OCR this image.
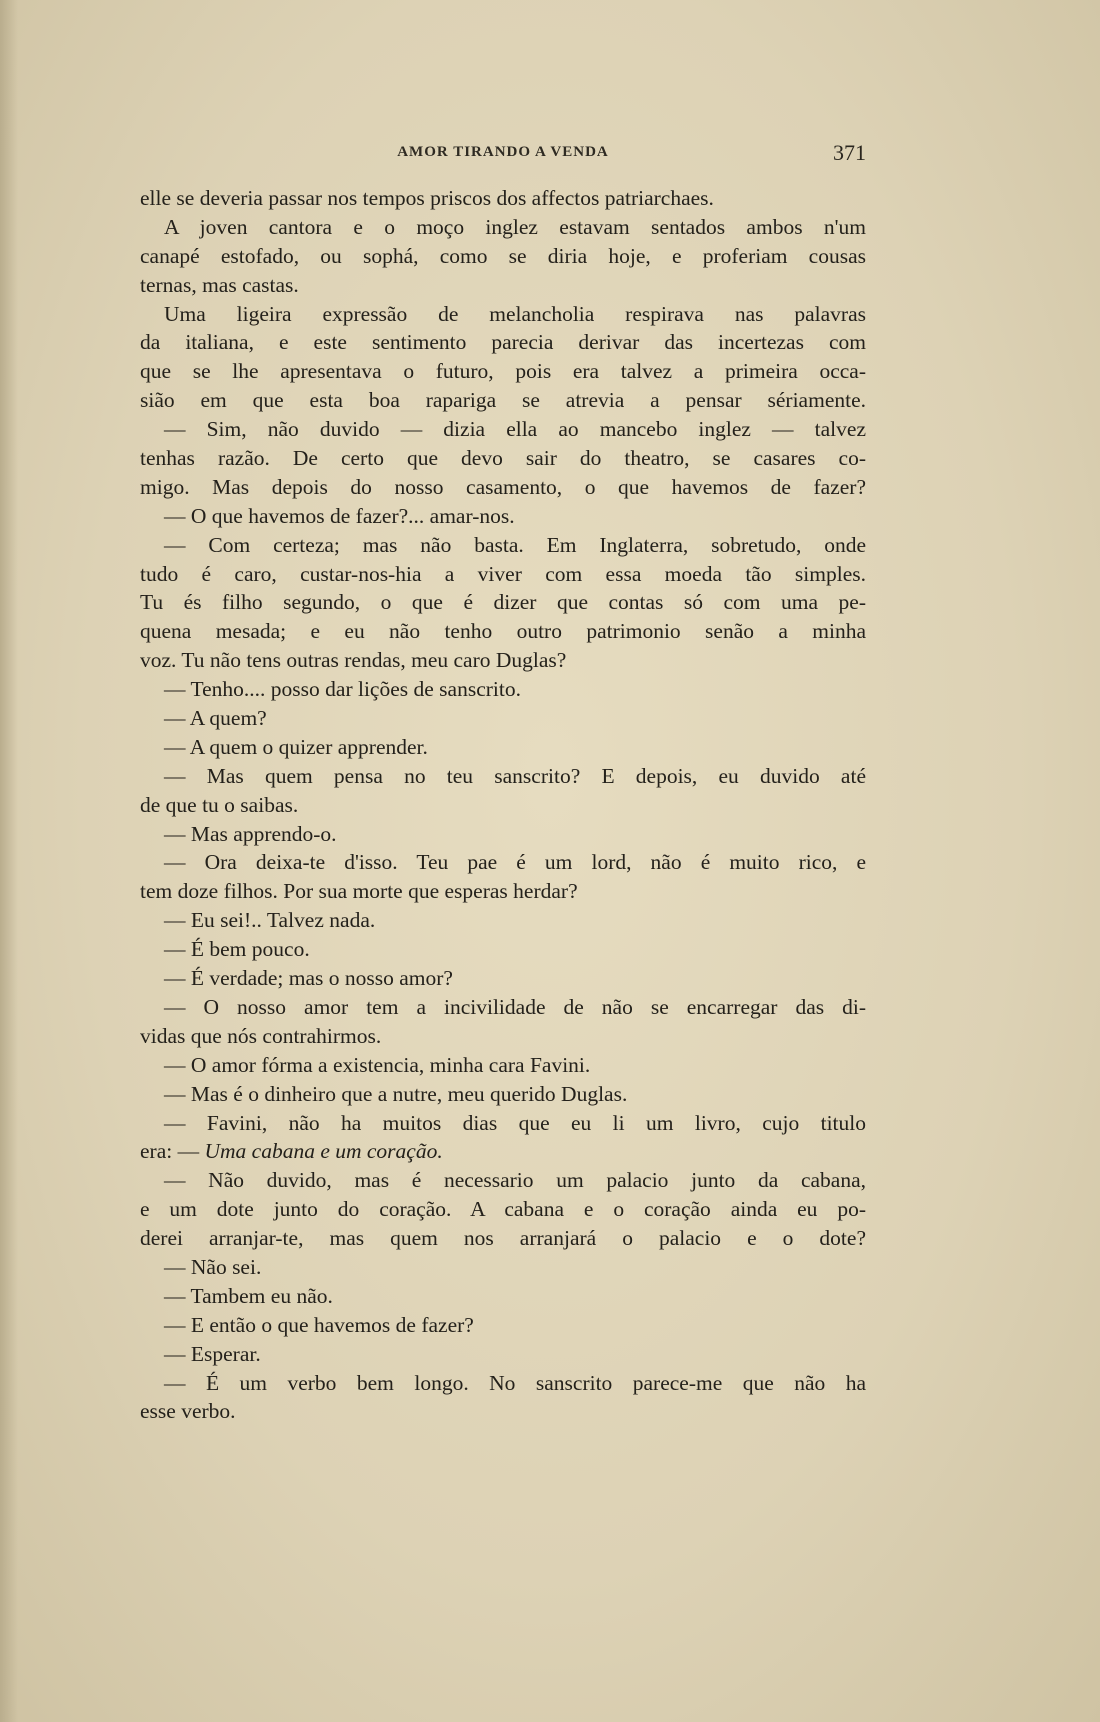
AMOR TIRANDO A VENDA	371
elle se deveria passar nos tempos priscos dos affectos patriarchaes.
A joven cantora e o moço inglez estavam sentados ambos n'um
canapé estofado, ou sophá, como se diria hoje, e proferiam cousas
ternas, mas castas.
Uma ligeira expressão de melancholia respirava nas palavras
da italiana, e este sentimento parecia derivar das incertezas com
que se lhe apresentava o futuro, pois era talvez a primeira occa-
sião em que esta boa rapariga se atrevia a pensar sériamente.
— Sim, não duvido — dizia ella ao mancebo inglez — talvez
tenhas razão. De certo que devo sair do theatro, se casares co-
migo. Mas depois do nosso casamento, o que havemos de fazer?
— O que havemos de fazer?... amar-nos.
— Com certeza; mas não basta. Em Inglaterra, sobretudo, onde
tudo é caro, custar-nos-hia a viver com essa moeda tão simples.
Tu és filho segundo, o que é dizer que contas só com uma pe-
quena mesada; e eu não tenho outro patrimonio senão a minha
voz. Tu não tens outras rendas, meu caro Duglas?
— Tenho.... posso dar lições de sanscrito.
— A quem?
— A quem o quizer apprender.
— Mas quem pensa no teu sanscrito? E depois, eu duvido até
de que tu o saibas.
— Mas apprendo-o.
— Ora deixa-te d'isso. Teu pae é um lord, não é muito rico, e
tem doze filhos. Por sua morte que esperas herdar?
— Eu sei!.. Talvez nada.
— É bem pouco.
— É verdade; mas o nosso amor?
— O nosso amor tem a incivilidade de não se encarregar das di-
vidas que nós contrahirmos.
— O amor fórma a existencia, minha cara Favini.
— Mas é o dinheiro que a nutre, meu querido Duglas.
— Favini, não ha muitos dias que eu li um livro, cujo titulo
era: — Uma cabana e um coração.
— Não duvido, mas é necessario um palacio junto da cabana,
e um dote junto do coração. A cabana e o coração ainda eu po-
derei arranjar-te, mas quem nos arranjará o palacio e o dote?
— Não sei.
— Tambem eu não.
— E então o que havemos de fazer?
— Esperar.
— É um verbo bem longo. No sanscrito parece-me que não ha
esse verbo.
